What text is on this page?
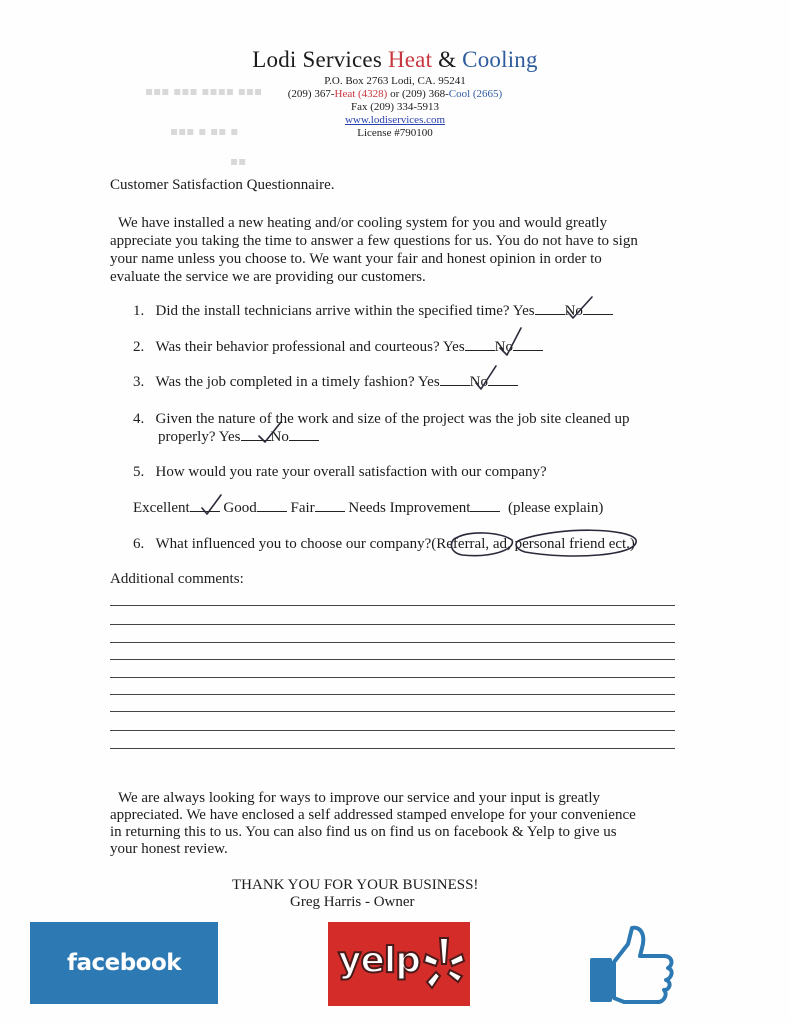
▪▪▪ ▪▪▪ ▪▪▪▪ ▪▪▪
▪▪▪ ▪ ▪▪ ▪
▪▪
Lodi Services Heat & Cooling
P.O. Box 2763 Lodi, CA. 95241
(209) 367-Heat (4328) or (209) 368-Cool (2665)
Fax (209) 334-5913
www.lodiservices.com
License #790100
Customer Satisfaction Questionnaire.
We have installed a new heating and/or cooling system for you and would greatly
appreciate you taking the time to answer a few questions for us. You do not have to sign
your name unless you choose to. We want your fair and honest opinion in order to
evaluate the service we are providing our customers.
1. Did the install technicians arrive within the specified time? Yes No
2. Was their behavior professional and courteous? Yes No
3. Was the job completed in a timely fashion? Yes No
4. Given the nature of the work and size of the project was the job site cleaned up
properly? Yes No
5. How would you rate your overall satisfaction with our company?
Excellent Good Fair Needs Improvement	(please explain)
6. What influenced you to choose our company?(Referral, ad, personal friend ect.)
Additional comments:
We are always looking for ways to improve our service and your input is greatly
appreciated. We have enclosed a self addressed stamped envelope for your convenience
in returning this to us. You can also find us on find us on facebook & Yelp to give us
your honest review.
THANK YOU FOR YOUR BUSINESS!
Greg Harris - Owner
facebook	yelp
